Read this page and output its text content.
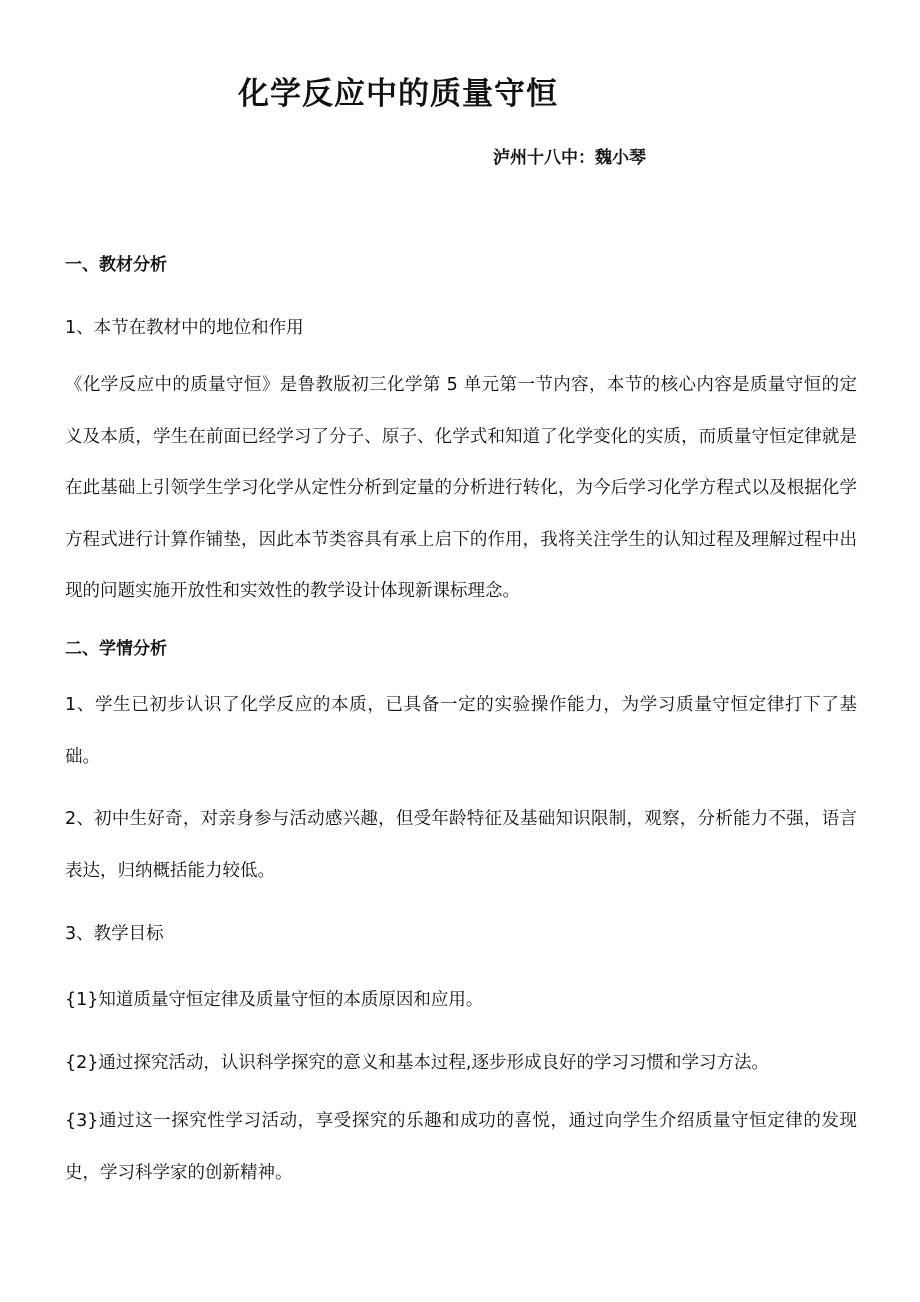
化学反应中的质量守恒
泸州十八中：魏小琴
一、教材分析
1、本节在教材中的地位和作用
《化学反应中的质量守恒》是鲁教版初三化学第 5 单元第一节内容，本节的核心内容是质量守恒的定义及本质，学生在前面已经学习了分子、原子、化学式和知道了化学变化的实质，而质量守恒定律就是在此基础上引领学生学习化学从定性分析到定量的分析进行转化，为今后学习化学方程式以及根据化学方程式进行计算作铺垫，因此本节类容具有承上启下的作用，我将关注学生的认知过程及理解过程中出现的问题实施开放性和实效性的教学设计体现新课标理念。
二、学情分析
1、学生已初步认识了化学反应的本质，已具备一定的实验操作能力，为学习质量守恒定律打下了基础。
2、初中生好奇，对亲身参与活动感兴趣，但受年龄特征及基础知识限制，观察，分析能力不强，语言表达，归纳概括能力较低。
3、教学目标
{1}知道质量守恒定律及质量守恒的本质原因和应用。
{2}通过探究活动，认识科学探究的意义和基本过程,逐步形成良好的学习习惯和学习方法。
{3}通过这一探究性学习活动，享受探究的乐趣和成功的喜悦，通过向学生介绍质量守恒定律的发现史，学习科学家的创新精神。
